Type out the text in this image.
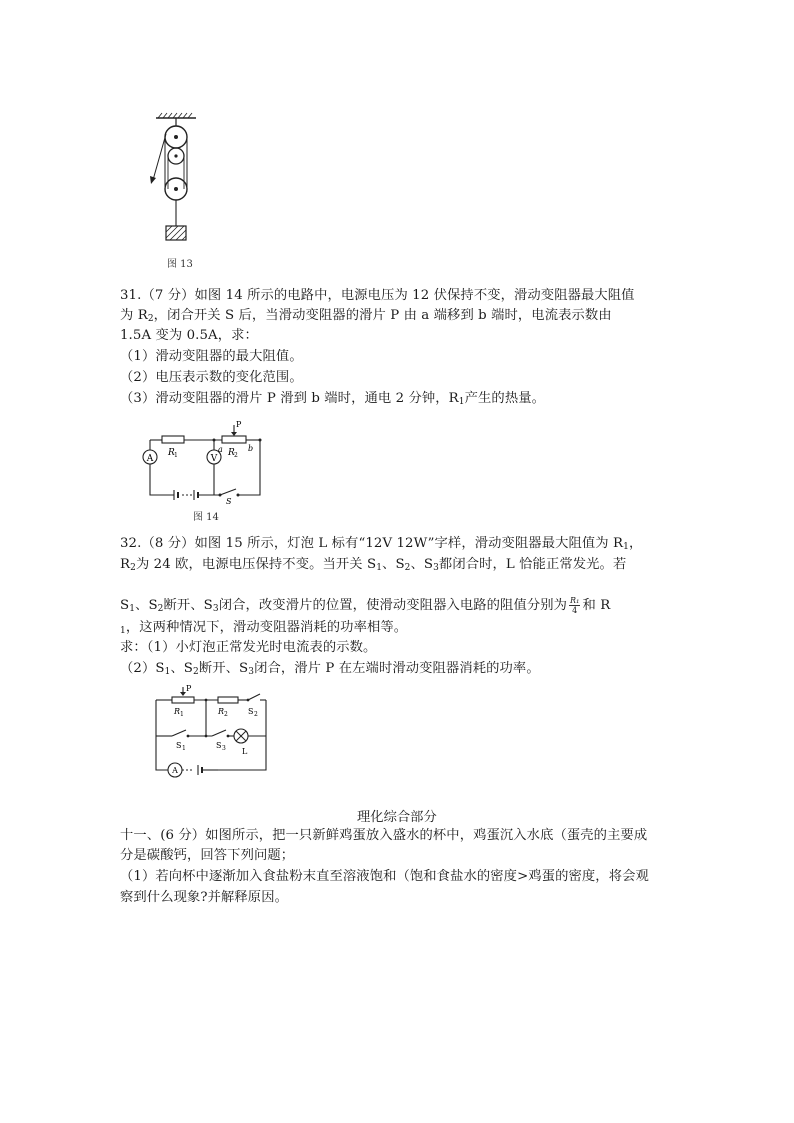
图 13
31.（7 分）如图 14 所示的电路中，电源电压为 12 伏保持不变，滑动变阻器最大阻值
为 $R_2$，闭合开关 S 后，当滑动变阻器的滑片 P 由 a 端移到 b 端时，电流表示数由
1.5A 变为 0.5A，求：
（1）滑动变阻器的最大阻值。
（2）电压表示数的变化范围。
（3）滑动变阻器的滑片 P 滑到 b 端时，通电 2 分钟，$R_1$产生的热量。
A	V
P
R 1	R 2
a	b
S
图 14
32.（8 分）如图 15 所示，灯泡 L 标有“12V 12W”字样，滑动变阻器最大阻值为 $R_1$，
$R_2$为 24 欧，电源电压保持不变。当开关 $S_1$、$S_2$、$S_3$都闭合时，L 恰能正常发光。若
$S_1$、$S_2$断开、$S_3$闭合，改变滑片的位置，使滑动变阻器入电路的阻值分别为 $\frac{\text{R₁}}{4}$ 和 R
$_1$，这两种情况下，滑动变阻器消耗的功率相等。
求：（1）小灯泡正常发光时电流表的示数。
$(2)S_1$、$S_2$断开、$S_3$闭合，滑片 P 在左端时滑动变阻器消耗的功率。
A
P
R 1	R 2	S 2
S 1	S 3 L
理化综合部分
十一、(6 分）如图所示，把一只新鲜鸡蛋放入盛水的杯中，鸡蛋沉入水底（蛋壳的主要成
分是碳酸钙，回答下列问题；
（1）若向杯中逐渐加入食盐粉末直至溶液饱和（饱和食盐水的密度>鸡蛋的密度，将会观
察到什么现象?并解释原因。
